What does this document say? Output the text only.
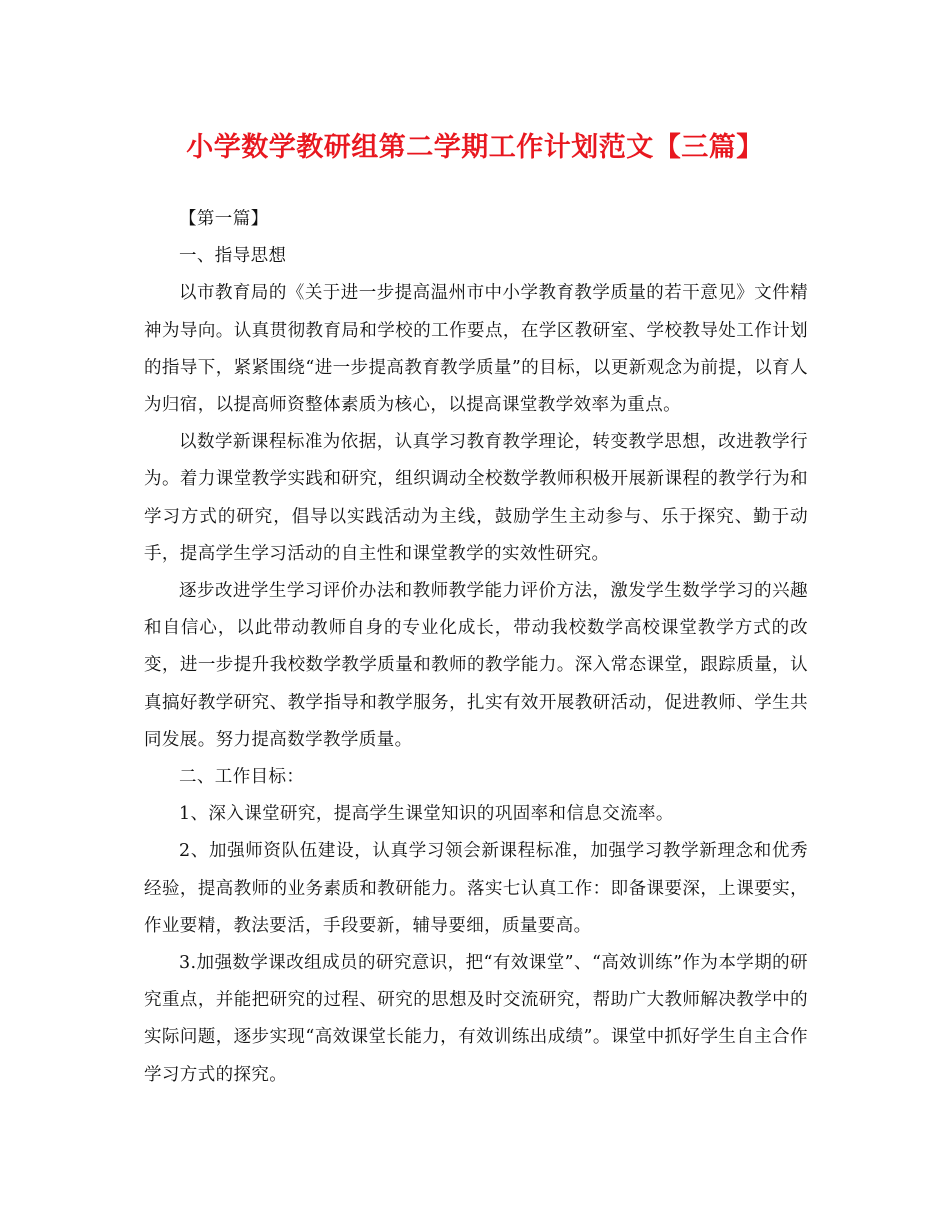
小学数学教研组第二学期工作计划范文【三篇】

【第一篇】

一、指导思想

以市教育局的《关于进一步提高温州市中小学教育教学质量的若干意见》文件精神为导向。认真贯彻教育局和学校的工作要点，在学区教研室、学校教导处工作计划的指导下，紧紧围绕“进一步提高教育教学质量”的目标，以更新观念为前提，以育人为归宿，以提高师资整体素质为核心，以提高课堂教学效率为重点。

以数学新课程标准为依据，认真学习教育教学理论，转变教学思想，改进教学行为。着力课堂教学实践和研究，组织调动全校数学教师积极开展新课程的教学行为和学习方式的研究，倡导以实践活动为主线，鼓励学生主动参与、乐于探究、勤于动手，提高学生学习活动的自主性和课堂教学的实效性研究。

逐步改进学生学习评价办法和教师教学能力评价方法，激发学生数学学习的兴趣和自信心，以此带动教师自身的专业化成长，带动我校数学高校课堂教学方式的改变，进一步提升我校数学教学质量和教师的教学能力。深入常态课堂，跟踪质量，认真搞好教学研究、教学指导和教学服务，扎实有效开展教研活动，促进教师、学生共同发展。努力提高数学教学质量。

二、工作目标：

1、深入课堂研究，提高学生课堂知识的巩固率和信息交流率。

2、加强师资队伍建设，认真学习领会新课程标准，加强学习教学新理念和优秀经验，提高教师的业务素质和教研能力。落实七认真工作：即备课要深，上课要实，作业要精，教法要活，手段要新，辅导要细，质量要高。

3.加强数学课改组成员的研究意识，把“有效课堂”、“高效训练”作为本学期的研究重点，并能把研究的过程、研究的思想及时交流研究，帮助广大教师解决教学中的实际问题，逐步实现“高效课堂长能力，有效训练出成绩”。课堂中抓好学生自主合作学习方式的探究。
